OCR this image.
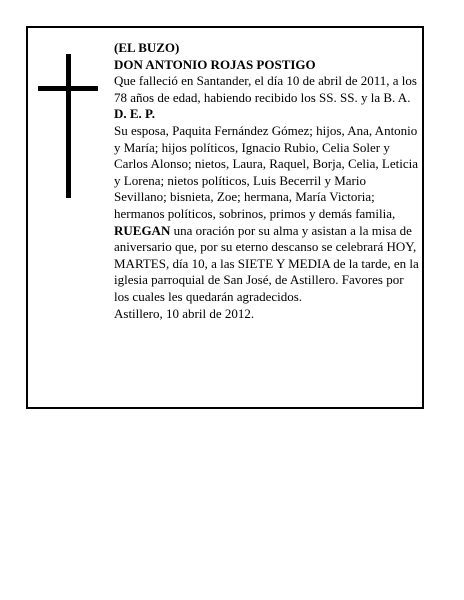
(EL BUZO)

DON ANTONIO ROJAS POSTIGO

Que falleció en Santander, el día 10 de abril de 2011, a los 78 años de edad, habiendo recibido los SS. SS. y la B. A.

D. E. P.

Su esposa, Paquita Fernández Gómez; hijos, Ana, Antonio y María; hijos políticos, Ignacio Rubio, Celia Soler y Carlos Alonso; nietos, Laura, Raquel, Borja, Celia, Leticia y Lorena; nietos políticos, Luis Becerril y Mario Sevillano; bisnieta, Zoe; hermana, María Victoria; hermanos políticos, sobrinos, primos y demás familia,

RUEGAN una oración por su alma y asistan a la misa de aniversario que, por su eterno descanso se celebrará HOY, MARTES, día 10, a las SIETE Y MEDIA de la tarde, en la iglesia parroquial de San José, de Astillero. Favores por los cuales les quedarán agradecidos.

Astillero, 10 abril de 2012.
